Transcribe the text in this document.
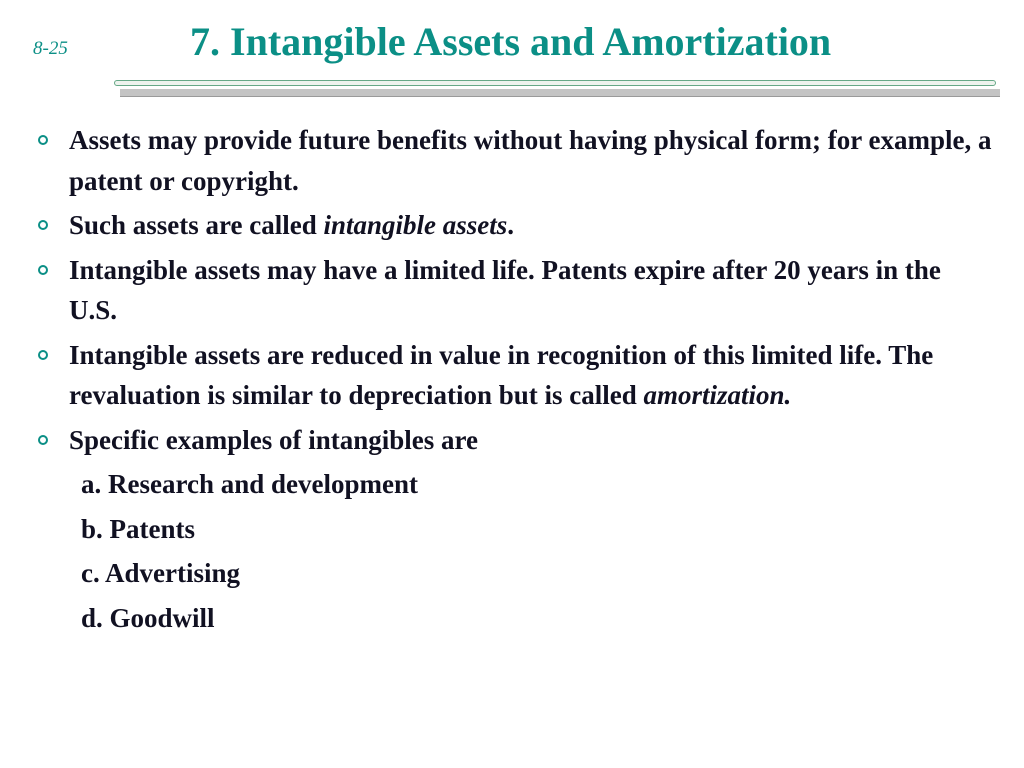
8-25	7. Intangible Assets and Amortization
Assets may provide future benefits without having physical form; for example, a patent or copyright.
Such assets are called intangible assets.
Intangible assets may have a limited life. Patents expire after 20 years in the U.S.
Intangible assets are reduced in value in recognition of this limited life. The revaluation is similar to depreciation but is called amortization.
Specific examples of intangibles are
a. Research and development
b. Patents
c. Advertising
d. Goodwill
